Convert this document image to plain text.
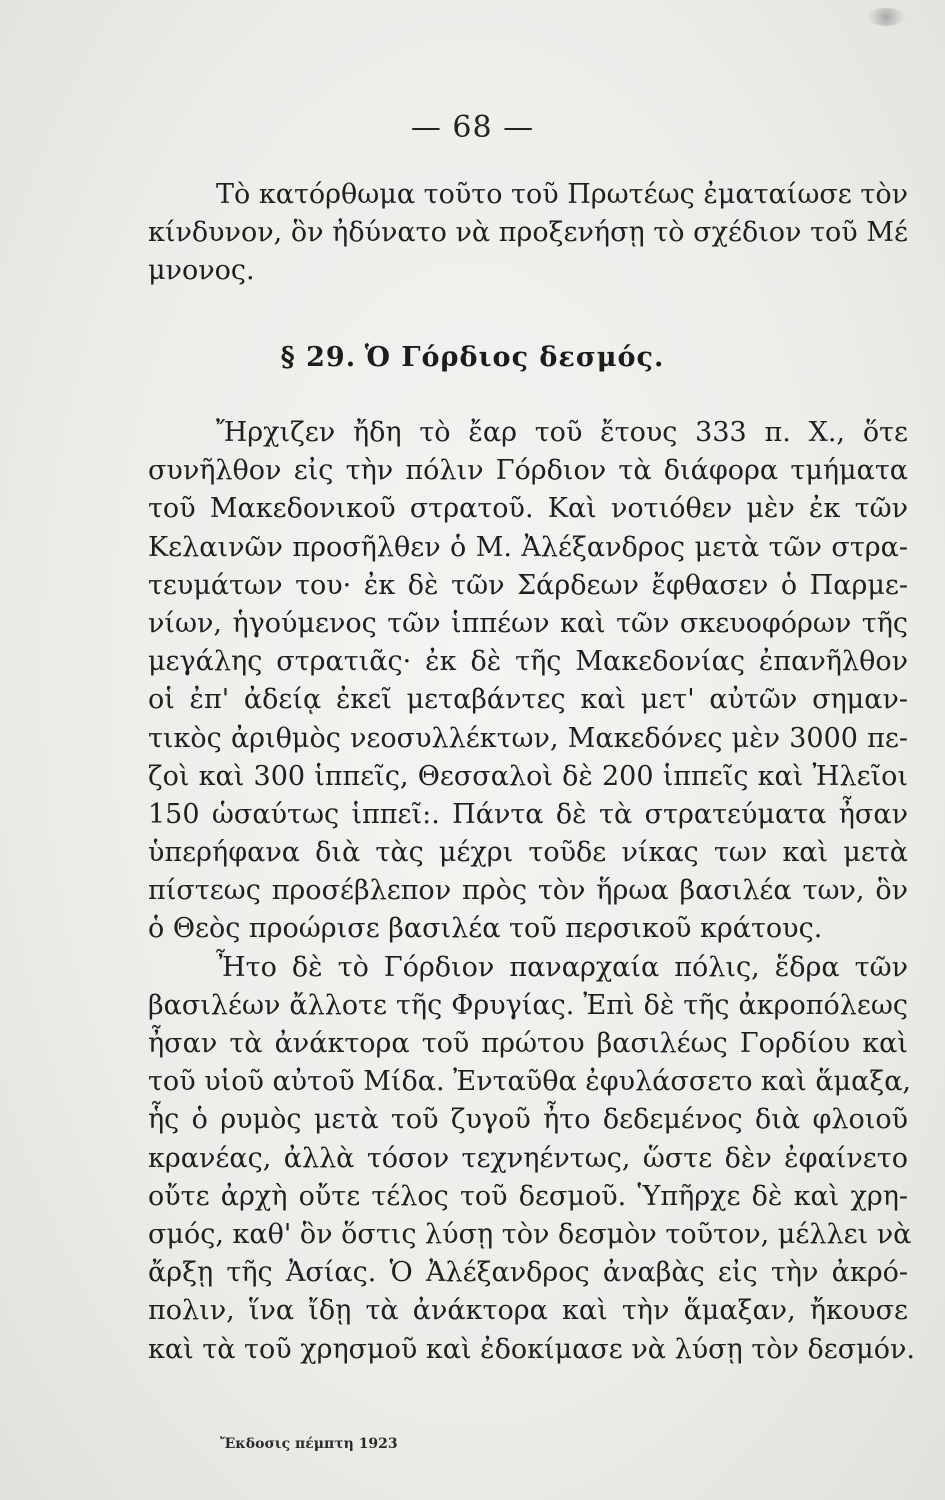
— 68 —
Τὸ κατόρθωμα τοῦτο τοῦ Πρωτέως ἐματαίωσε τὸν
κίνδυνον, ὃν ἠδύνατο νὰ προξενήσῃ τὸ σχέδιον τοῦ Μέ
μνονος.
§ 29. Ὁ Γόρδιος δεσμός.
Ἤρχιζεν ἤδη τὸ ἔαρ τοῦ ἔτους 333 π. Χ., ὅτε
συνῆλθον εἰς τὴν πόλιν Γόρδιον τὰ διάφορα τμήματα
τοῦ Μακεδονικοῦ στρατοῦ. Καὶ νοτιόθεν μὲν ἐκ τῶν
Κελαινῶν προσῆλθεν ὁ Μ. Ἀλέξανδρος μετὰ τῶν στρα-
τευμάτων του· ἐκ δὲ τῶν Σάρδεων ἔφθασεν ὁ Παρμε-
νίων, ἡγούμενος τῶν ἱππέων καὶ τῶν σκευοφόρων τῆς
μεγάλης στρατιᾶς· ἐκ δὲ τῆς Μακεδονίας ἐπανῆλθον
οἱ ἐπ' ἀδείᾳ ἐκεῖ μεταβάντες καὶ μετ' αὐτῶν σημαν-
τικὸς ἀριθμὸς νεοσυλλέκτων, Μακεδόνες μὲν 3000 πε-
ζοὶ καὶ 300 ἱππεῖς, Θεσσαλοὶ δὲ 200 ἱππεῖς καὶ Ἠλεῖοι
150 ὡσαύτως ἱππεῖ:. Πάντα δὲ τὰ στρατεύματα ἦσαν
ὑπερήφανα διὰ τὰς μέχρι τοῦδε νίκας των καὶ μετὰ
πίστεως προσέβλεπον πρὸς τὸν ἥρωα βασιλέα των, ὃν
ὁ Θεὸς προώρισε βασιλέα τοῦ περσικοῦ κράτους.
Ἦτο δὲ τὸ Γόρδιον παναρχαία πόλις, ἕδρα τῶν
βασιλέων ἄλλοτε τῆς Φρυγίας. Ἐπὶ δὲ τῆς ἀκροπόλεως
ἦσαν τὰ ἀνάκτορα τοῦ πρώτου βασιλέως Γορδίου καὶ
τοῦ υἱοῦ αὐτοῦ Μίδα. Ἐνταῦθα ἐφυλάσσετο καὶ ἅμαξα,
ἧς ὁ ρυμὸς μετὰ τοῦ ζυγοῦ ἦτο δεδεμένος διὰ φλοιοῦ
κρανέας, ἀλλὰ τόσον τεχνηέντως, ὥστε δὲν ἐφαίνετο
οὔτε ἀρχὴ οὔτε τέλος τοῦ δεσμοῦ. Ὑπῆρχε δὲ καὶ χρη-
σμός, καθ' ὃν ὅστις λύσῃ τὸν δεσμὸν τοῦτον, μέλλει νὰ
ἄρξῃ τῆς Ἀσίας. Ὁ Ἀλέξανδρος ἀναβὰς εἰς τὴν ἀκρό-
πολιν, ἵνα ἴδῃ τὰ ἀνάκτορα καὶ τὴν ἅμαξαν, ἤκουσε
καὶ τὰ τοῦ χρησμοῦ καὶ ἐδοκίμασε νὰ λύσῃ τὸν δεσμόν.
Ἔκδοσις πέμπτη 1923
